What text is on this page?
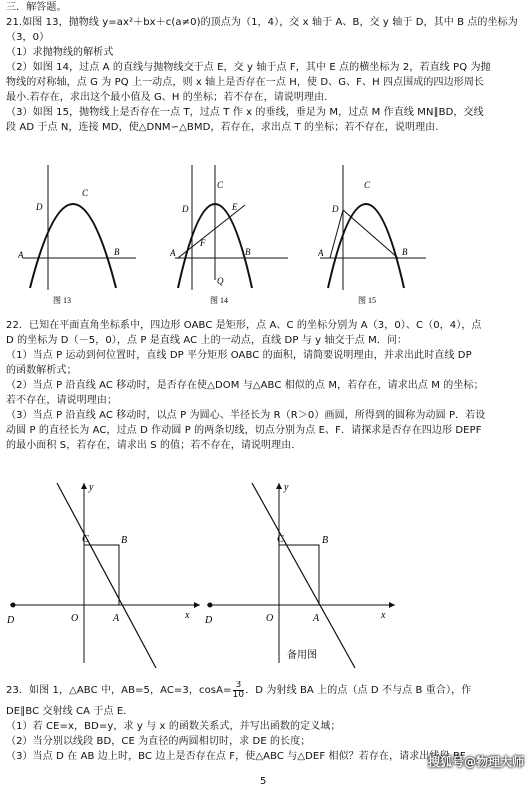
三．解答题。
21.如图 13，抛物线 y=ax²＋bx＋c(a≠0)的顶点为（1，4），交 x 轴于 A、B，交 y 轴于 D，其中 B 点的坐标为
（3，0）
（1）求抛物线的解析式
（2）如图 14，过点 A 的直线与抛物线交于点 E，交 y 轴于点 F，其中 E 点的横坐标为 2，若直线 PQ 为抛
物线的对称轴，点 G 为 PQ 上一动点，则 x 轴上是否存在一点 H，使 D、G、F、H 四点围成的四边形周长
最小.若存在，求出这个最小值及 G、H 的坐标；若不存在，请说明理由.
（3）如图 15，抛物线上是否存在一点 T，过点 T 作 x 的垂线，垂足为 M，过点 M 作直线 MN∥BD，交线
段 AD 于点 N，连接 MD，使△DNM∽△BMD，若存在，求出点 T 的坐标；若不存在，说明理由.
A
D
C
B
图 13
A
D
C
E
F
B
Q
图 14
A
D
C
B
图 15
22．已知在平面直角坐标系中，四边形 OABC 是矩形，点 A、C 的坐标分别为 A（3，0）、C（0，4），点
D 的坐标为 D（－5，0），点 P 是直线 AC 上的一动点，直线 DP 与 y 轴交于点 M．问：
（1）当点 P 运动到何位置时，直线 DP 平分矩形 OABC 的面积，请简要说明理由，并求出此时直线 DP
的函数解析式；
（2）当点 P 沿直线 AC 移动时，是否存在使△DOM 与△ABC 相似的点 M，若存在，请求出点 M 的坐标；
若不存在，请说明理由；
（3）当点 P 沿直线 AC 移动时，以点 P 为圆心、半径长为 R（R＞0）画圆，所得到的圆称为动圆 P．若设
动圆 P 的直径长为 AC，过点 D 作动圆 P 的两条切线，切点分别为点 E、F．请探求是否存在四边形 DEPF
的最小面积 S，若存在，请求出 S 的值；若不存在，请说明理由．
D	O	A
B
C
y
x D	O	A
B
C
y
x
备用图
23．如图 1，△ABC 中，AB=5，AC=3，$\cos A= \frac{3}{10}$ ．D 为射线 BA 上的点（点 D 不与点 B 重合），作
DE∥BC 交射线 CA 于点 E．
（1）若 CE=x，BD=y，求 y 与 x 的函数关系式，并写出函数的定义域；
（2）当分别以线段 BD，CE 为直径的两圆相切时，求 DE 的长度；
（3）当点 D 在 AB 边上时，BC 边上是否存在点 F，使△ABC 与△DEF 相似？若存在，请求出线段 BF
5
搜狐号@物理大师
